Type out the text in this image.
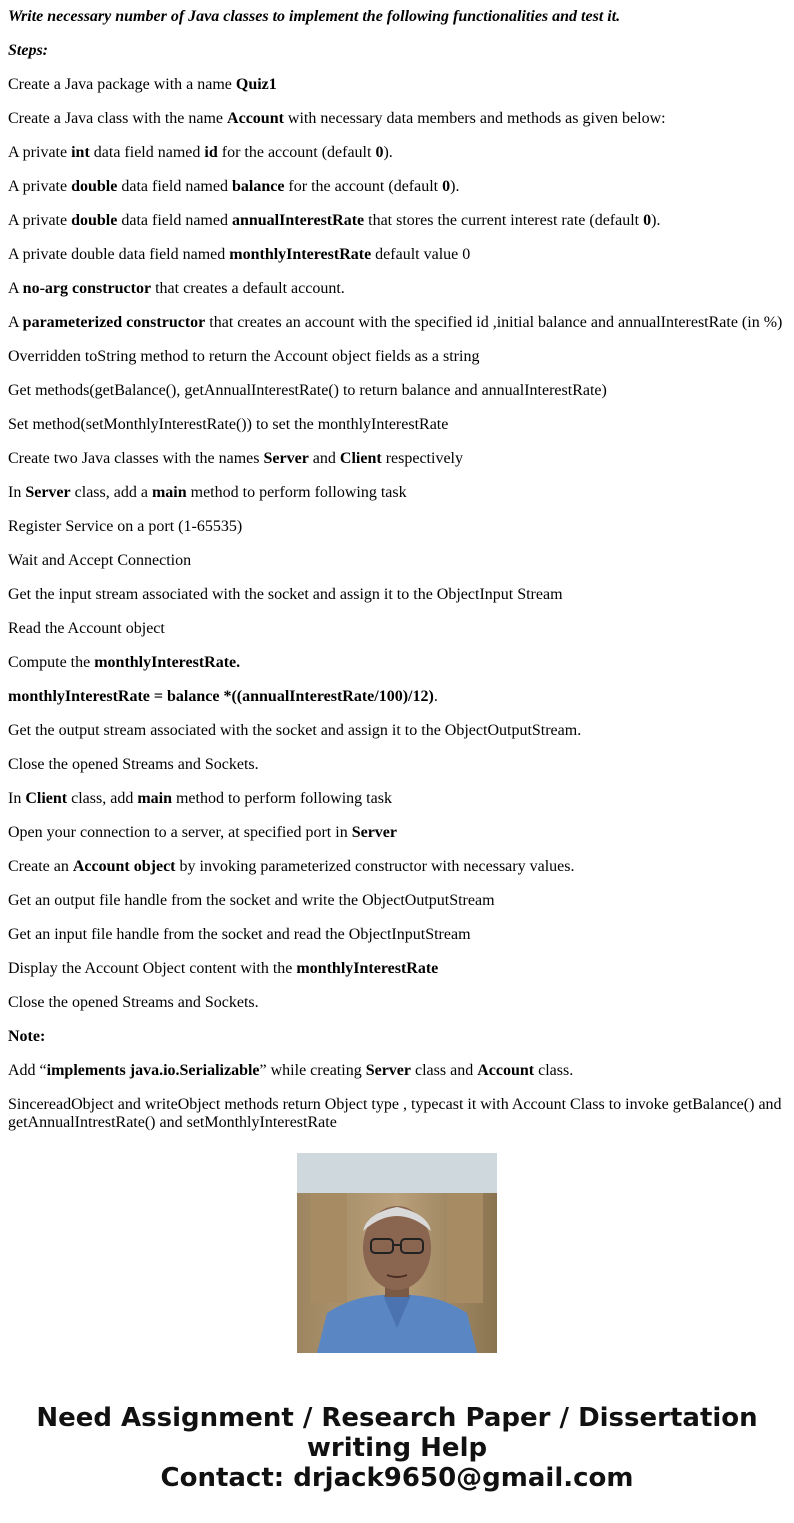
Write necessary number of Java classes to implement the following functionalities and test it.

Steps:

Create a Java package with a name Quiz1

Create a Java class with the name Account with necessary data members and methods as given below:

A private int data field named id for the account (default 0).

A private double data field named balance for the account (default 0).

A private double data field named annualInterestRate that stores the current interest rate (default 0).

A private double data field named monthlyInterestRate default value 0

A no-arg constructor that creates a default account.

A parameterized constructor that creates an account with the specified id ,initial balance and annualInterestRate (in %)

Overridden toString method to return the Account object fields as a string

Get methods(getBalance(), getAnnualInterestRate() to return balance and annualInterestRate)

Set method(setMonthlyInterestRate()) to set the monthlyInterestRate

Create two Java classes with the names Server and Client respectively

In Server class, add a main method to perform following task

Register Service on a port (1-65535)

Wait and Accept Connection

Get the input stream associated with the socket and assign it to the ObjectInput Stream

Read the Account object

Compute the monthlyInterestRate.

monthlyInterestRate = balance *((annualInterestRate/100)/12).

Get the output stream associated with the socket and assign it to the ObjectOutputStream.

Close the opened Streams and Sockets.

In Client class, add main method to perform following task

Open your connection to a server, at specified port in Server

Create an Account object by invoking parameterized constructor with necessary values.

Get an output file handle from the socket and write the ObjectOutputStream

Get an input file handle from the socket and read the ObjectInputStream

Display the Account Object content with the monthlyInterestRate

Close the opened Streams and Sockets.

Note:

Add “implements java.io.Serializable” while creating Server class and Account class.

SincereadObject and writeObject methods return Object type , typecast it with Account Class to invoke getBalance() and getAnnualIntrestRate() and setMonthlyInterestRate

Need Assignment / Research Paper / Dissertation
writing Help
Contact: drjack9650@gmail.com
